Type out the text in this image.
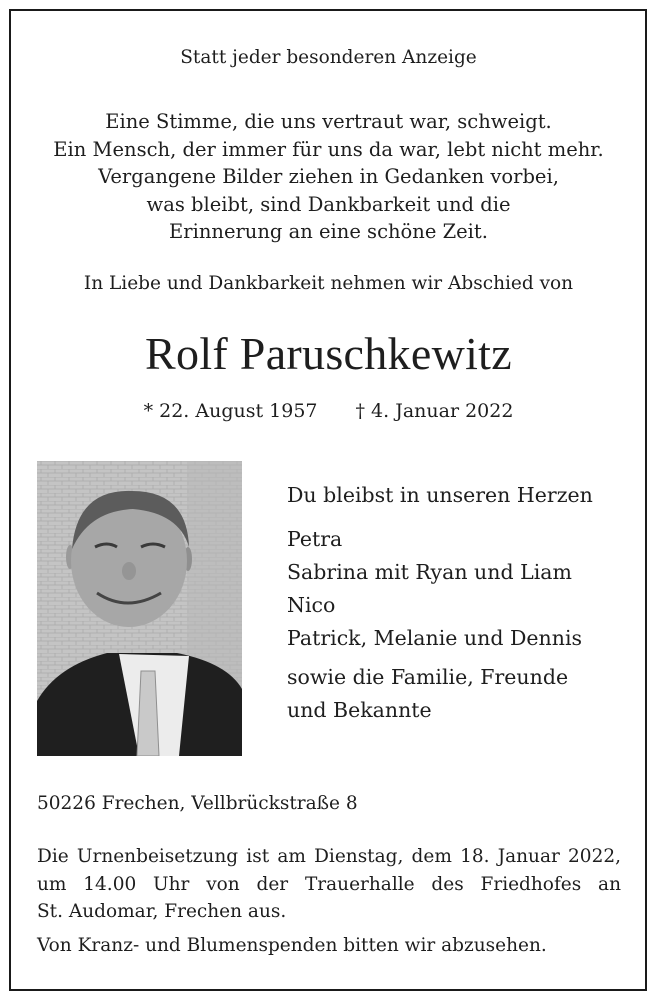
Statt jeder besonderen Anzeige
Eine Stimme, die uns vertraut war, schweigt.
Ein Mensch, der immer für uns da war, lebt nicht mehr.
Vergangene Bilder ziehen in Gedanken vorbei,
was bleibt, sind Dankbarkeit und die
Erinnerung an eine schöne Zeit.
In Liebe und Dankbarkeit nehmen wir Abschied von
Rolf Paruschkewitz
* 22. August 1957 † 4. Januar 2022
Du bleibst in unseren Herzen
Petra
Sabrina mit Ryan und Liam
Nico
Patrick, Melanie und Dennis
sowie die Familie, Freunde
und Bekannte
50226 Frechen, Vellbrückstraße 8
Die Urnenbeisetzung ist am Dienstag, dem 18. Januar 2022,
um 14.00 Uhr von der Trauerhalle des Friedhofes an
St. Audomar, Frechen aus.
Von Kranz- und Blumenspenden bitten wir abzusehen.
